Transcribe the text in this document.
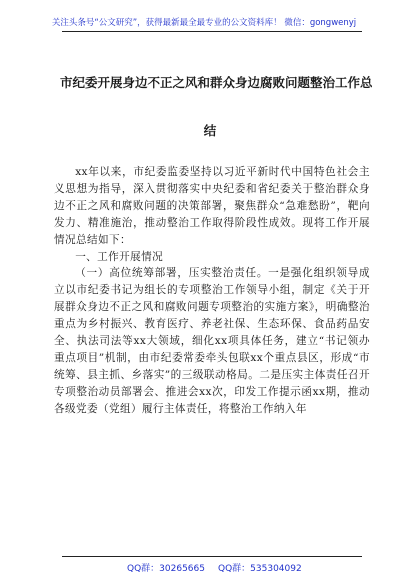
关注头条号“公文研究”，获得最新最全最专业的公文资料库！ 微信：gongwenyj
市纪委开展身边不正之风和群众身边腐败问题整治工作总
结

xx年以来，市纪委监委坚持以习近平新时代中国特色社会主义思想为指导，深入贯彻落实中央纪委和省纪委关于整治群众身边不正之风和腐败问题的决策部署，聚焦群众“急难愁盼”，靶向发力、精准施治，推动整治工作取得阶段性成效。现将工作开展情况总结如下：

一、工作开展情况

（一）高位统筹部署，压实整治责任。一是强化组织领导成立以市纪委书记为组长的专项整治工作领导小组，制定《关于开展群众身边不正之风和腐败问题专项整治的实施方案》，明确整治重点为乡村振兴、教育医疗、养老社保、生态环保、食品药品安全、执法司法等xx大领域，细化xx项具体任务，建立“书记领办重点项目”机制，由市纪委常委牵头包联xx个重点县区，形成“市统筹、县主抓、乡落实”的三级联动格局。二是压实主体责任召开专项整治动员部署会、推进会xx次，印发工作提示函xx期，推动各级党委（党组）履行主体责任，将整治工作纳入年

QQ群：30265665 QQ群：535304092
